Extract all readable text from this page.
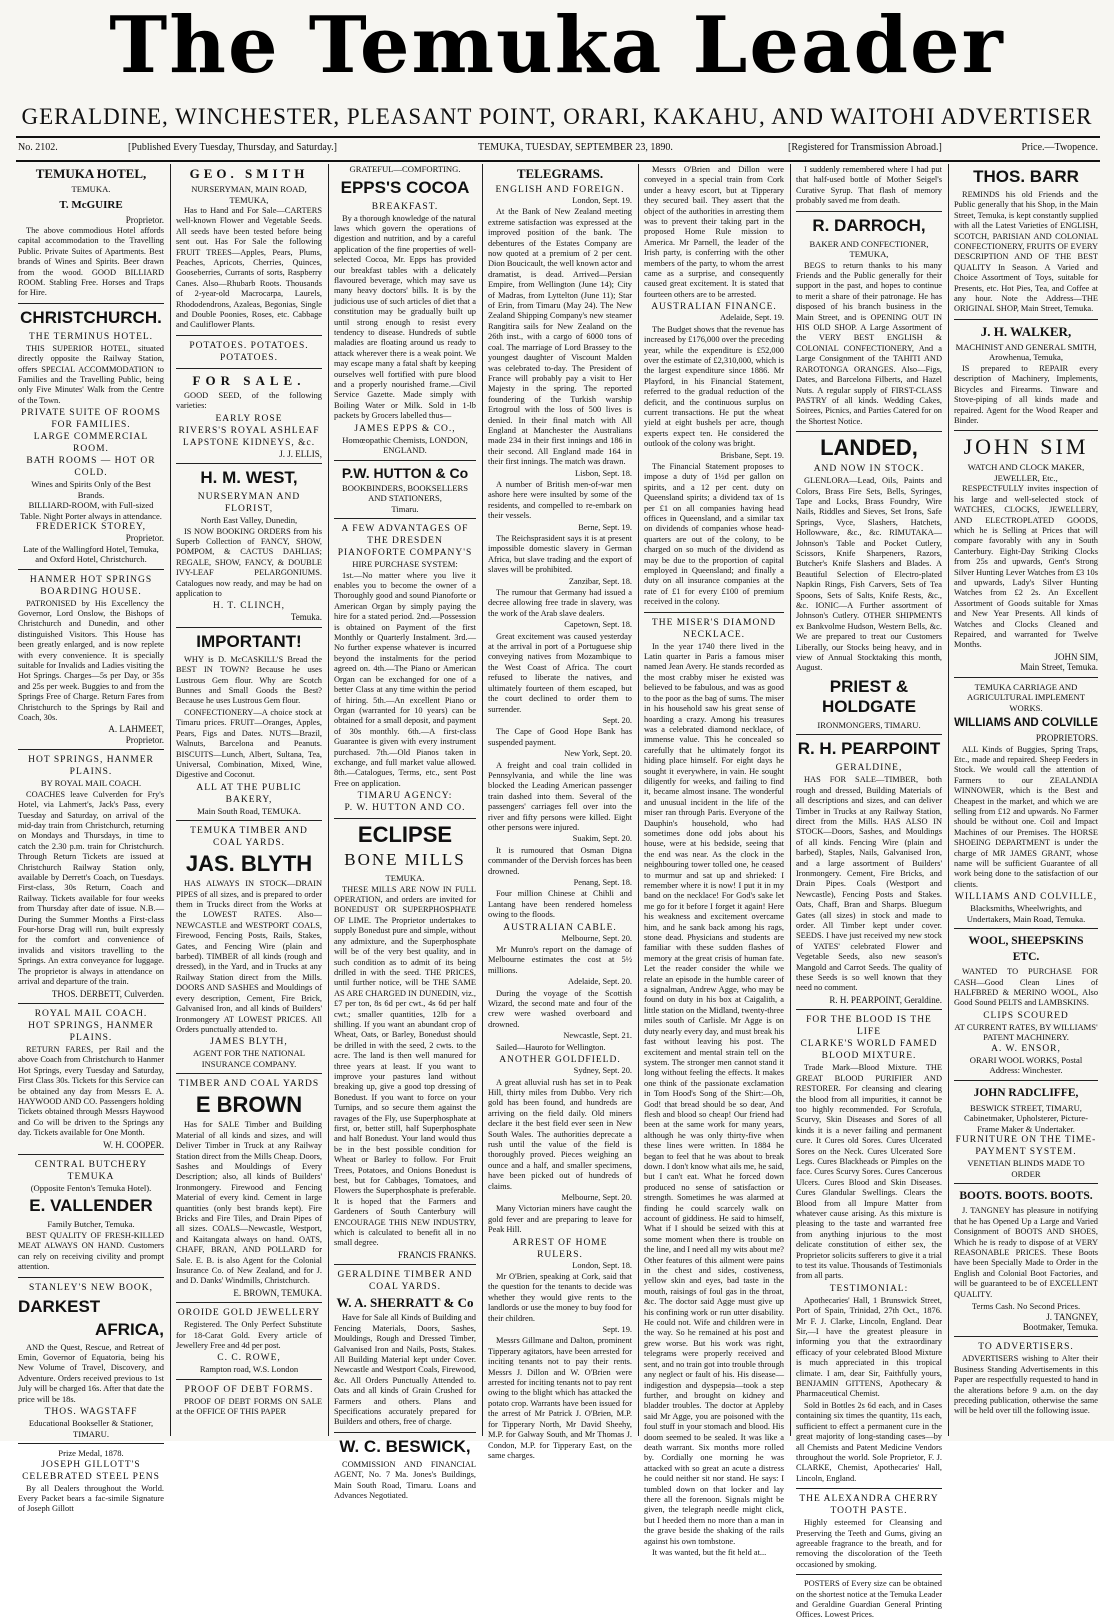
The Temuka Leader
GERALDINE, WINCHESTER, PLEASANT POINT, ORARI, KAKAHU, AND WAITOHI ADVERTISER
No. 2102.	[Published Every Tuesday, Thursday, and Saturday.]	TEMUKA, TUESDAY, SEPTEMBER 23, 1890.	[Registered for Transmission Abroad.]	Price.—Twopence.
TEMUKA HOTEL,
TEMUKA.
T. McGUIRE
Proprietor.
The above commodious Hotel affords capital accommodation to the Travelling Public. Private Suites of Apartments. Best brands of Wines and Spirits. Beer drawn from the wood. GOOD BILLIARD ROOM. Stabling Free. Horses and Traps for Hire.
CHRISTCHURCH.
THE TERMINUS HOTEL.
THIS SUPERIOR HOTEL, situated directly opposite the Railway Station, offers SPECIAL ACCOMMODATION to Families and the Travelling Public, being only Five Minutes' Walk from the Centre of the Town.
PRIVATE SUITE OF ROOMS FOR FAMILIES.
LARGE COMMERCIAL ROOM.
BATH ROOMS — HOT OR COLD.
Wines and Spirits Only of the Best Brands.
BILLIARD-ROOM, with Full-sized Table. Night Porter always in attendance.
FREDERICK STOREY,
Proprietor.
Late of the Wallingford Hotel, Temuka, and Oxford Hotel, Christchurch.
HANMER HOT SPRINGS BOARDING HOUSE.
PATRONISED by His Excellency the Governor, Lord Onslow, the Bishops of Christchurch and Dunedin, and other distinguished Visitors. This House has been greatly enlarged, and is now replete with every convenience. It is specially suitable for Invalids and Ladies visiting the Hot Springs. Charges—5s per Day, or 35s and 25s per week. Buggies to and from the Springs Free of Charge. Return Fares from Christchurch to the Springs by Rail and Coach, 30s.
A. LAHMEET,
Proprietor.
HOT SPRINGS, HANMER PLAINS.
BY ROYAL MAIL COACH.
COACHES leave Culverden for Fry's Hotel, via Lahmert's, Jack's Pass, every Tuesday and Saturday, on arrival of the mid-day train from Christchurch, returning on Mondays and Thursdays, in time to catch the 2.30 p.m. train for Christchurch. Through Return Tickets are issued at Christchurch Railway Station only, available by Derrett's Coach, on Tuesdays. First-class, 30s Return, Coach and Railway. Tickets available for four weeks from Thursday after date of issue. N.B.—During the Summer Months a First-class Four-horse Drag will run, built expressly for the comfort and convenience of invalids and visitors travelling to the Springs. An extra conveyance for luggage. The proprietor is always in attendance on arrival and departure of the train.
THOS. DERBETT, Culverden.
ROYAL MAIL COACH.
HOT SPRINGS, HANMER PLAINS.
RETURN FARES, per Rail and the above Coach from Christchurch to Hanmer Hot Springs, every Tuesday and Saturday, First Class 30s. Tickets for this Service can be obtained any day from Messrs E. A. HAYWOOD AND CO. Passengers holding Tickets obtained through Messrs Haywood and Co will be driven to the Springs any day. Tickets available for One Month.
W. H. COOPER.
CENTRAL BUTCHERY
TEMUKA
(Opposite Fenton's Temuka Hotel).
E. VALLENDER
Family Butcher, Temuka.
BEST QUALITY OF FRESH-KILLED MEAT ALWAYS ON HAND. Customers can rely on receiving civility and prompt attention.
STANLEY'S NEW BOOK,
DARKEST
AFRICA,
AND the Quest, Rescue, and Retreat of Emin, Governor of Equatoria, being his New Volume of Travel, Discovery, and Adventure. Orders received previous to 1st July will be charged 16s. After that date the price will be 18s.
THOS. WAGSTAFF
Educational Bookseller & Stationer, TIMARU.
Prize Medal, 1878.
JOSEPH GILLOTT'S CELEBRATED STEEL PENS
By all Dealers throughout the World. Every Packet bears a fac-simile Signature of Joseph Gillott
GEO. SMITH
NURSERYMAN, MAIN ROAD, TEMUKA,
Has to Hand and For Sale—CARTERS well-known Flower and Vegetable Seeds. All seeds have been tested before being sent out. Has For Sale the following FRUIT TREES—Apples, Pears, Plums, Peaches, Apricots, Cherries, Quinces, Gooseberries, Currants of sorts, Raspberry Canes. Also—Rhubarb Roots. Thousands of 2-year-old Macrocarpa, Laurels, Rhododendrons, Azaleas, Begonias, Single and Double Poonies, Roses, etc. Cabbage and Cauliflower Plants.
POTATOES. POTATOES. POTATOES.
FOR SALE.
GOOD SEED, of the following varieties:
EARLY ROSE
RIVERS'S ROYAL ASHLEAF
LAPSTONE KIDNEYS, &c.
J. J. ELLIS,
H. M. WEST,
NURSERYMAN AND FLORIST,
North East Valley, Dunedin,
IS NOW BOOKING ORDERS from his Superb Collection of FANCY, SHOW, POMPOM, & CACTUS DAHLIAS; REGALE, SHOW, FANCY, & DOUBLE IVY-LEAF PELARGONIUMS. Catalogues now ready, and may be had on application to
H. T. CLINCH,
Temuka.
IMPORTANT!
WHY is D. McCASKILL'S Bread the BEST IN TOWN? Because he uses Lustrous Gem flour. Why are Scotch Bunnes and Small Goods the Best? Because he uses Lustrous Gem flour.
CONFECTIONERY—A choice stock at Timaru prices. FRUIT—Oranges, Apples, Pears, Figs and Dates. NUTS—Brazil, Walnuts, Barcelona and Peanuts. BISCUITS—Lunch, Albert, Sultana, Tea, Universal, Combination, Mixed, Wine, Digestive and Coconut.
ALL AT THE PUBLIC BAKERY,
Main South Road, TEMUKA.
TEMUKA TIMBER AND COAL YARDS.
JAS. BLYTH
HAS ALWAYS IN STOCK—DRAIN PIPES of all sizes, and is prepared to order them in Trucks direct from the Works at the LOWEST RATES. Also—NEWCASTLE and WESTPORT COALS, Firewood, Fencing Posts, Rails, Stakes, Gates, and Fencing Wire (plain and barbed). TIMBER of all kinds (rough and dressed), in the Yard, and in Trucks at any Railway Station direct from the Mills. DOORS AND SASHES and Mouldings of every description, Cement, Fire Brick, Galvanised Iron, and all kinds of Builders' Ironmongery AT LOWEST PRICES. All Orders punctually attended to.
JAMES BLYTH,
AGENT FOR THE NATIONAL INSURANCE COMPANY.
TIMBER AND COAL YARDS
E BROWN
Has for SALE Timber and Building Material of all kinds and sizes, and will Deliver Timber in Truck at any Railway Station direct from the Mills Cheap. Doors, Sashes and Mouldings of Every Description; also, all kinds of Builders' Ironmongery. Firewood and Fencing Material of every kind. Cement in large quantities (only best brands kept). Fire Bricks and Fire Tiles, and Drain Pipes of all sizes. COALS—Newcastle, Westport, and Kaitangata always on hand. OATS, CHAFF, BRAN, AND POLLARD for Sale. E. B. is also Agent for the Colonial Insurance Co. of New Zealand, and for J. and D. Danks' Windmills, Christchurch.
E. BROWN, TEMUKA.
OROIDE GOLD JEWELLERY
Registered. The Only Perfect Substitute for 18-Carat Gold. Every article of Jewellery Free and 4d per post.
C. C. ROWE,
Rampton road, W.S. London
PROOF OF DEBT FORMS.
PROOF OF DEBT FORMS ON SALE at the OFFICE OF THIS PAPER
GRATEFUL—COMFORTING.
EPPS'S COCOA
BREAKFAST.
By a thorough knowledge of the natural laws which govern the operations of digestion and nutrition, and by a careful application of the fine properties of well-selected Cocoa, Mr. Epps has provided our breakfast tables with a delicately flavoured beverage, which may save us many heavy doctors' bills. It is by the judicious use of such articles of diet that a constitution may be gradually built up until strong enough to resist every tendency to disease. Hundreds of subtle maladies are floating around us ready to attack wherever there is a weak point. We may escape many a fatal shaft by keeping ourselves well fortified with pure blood and a properly nourished frame.—Civil Service Gazette. Made simply with Boiling Water or Milk. Sold in 1-lb packets by Grocers labelled thus—
JAMES EPPS & CO.,
Homœopathic Chemists, LONDON, ENGLAND.
P.W. HUTTON & Co
BOOKBINDERS, BOOKSELLERS AND STATIONERS,
Timaru.
A FEW ADVANTAGES OF THE DRESDEN PIANOFORTE COMPANY'S
HIRE PURCHASE SYSTEM:
1st.—No matter where you live it enables you to become the owner of a Thoroughly good and sound Pianoforte or American Organ by simply paying the hire for a stated period. 2nd.—Possession is obtained on Payment of the first Monthly or Quarterly Instalment. 3rd.—No further expense whatever is incurred beyond the instalments for the period agreed on. 4th.—The Piano or American Organ can be exchanged for one of a better Class at any time within the period of hiring. 5th.—An excellent Piano or Organ (warranted for 10 years) can be obtained for a small deposit, and payment of 30s monthly. 6th.—A first-class Guarantee is given with every instrument purchased. 7th.—Old Pianos taken in exchange, and full market value allowed. 8th.—Catalogues, Terms, etc., sent Post Free on application.
TIMARU AGENCY:
P. W. HUTTON AND CO.
ECLIPSE
BONE MILLS
TEMUKA.
THESE MILLS ARE NOW IN FULL OPERATION, and orders are invited for BONEDUST OR SUPERPHOSPHATE OF LIME. The Proprietor undertakes to supply Bonedust pure and simple, without any admixture, and the Superphosphate will be of the very best quality, and in such condition as to admit of its being drilled in with the seed. THE PRICES, until further notice, will be THE SAME AS ARE CHARGED IN DUNEDIN, viz., £7 per ton, 8s 6d per cwt., 4s 6d per half cwt.; smaller quantities, 12lb for a shilling. If you want an abundant crop of Wheat, Oats, or Barley, Bonedust should be drilled in with the seed, 2 cwts. to the acre. The land is then well manured for three years at least. If you want to improve your pastures land without breaking up, give a good top dressing of Bonedust. If you want to force on your Turnips, and so secure them against the ravages of the Fly, use Superphosphate at first, or, better still, half Superphosphate and half Bonedust. Your land would thus be in the best possible condition for Wheat or Barley to follow. For Fruit Trees, Potatoes, and Onions Bonedust is best, but for Cabbages, Tomatoes, and Flowers the Superphosphate is preferable. It is hoped that the Farmers and Gardeners of South Canterbury will ENCOURAGE THIS NEW INDUSTRY, which is calculated to benefit all in no small degree.
FRANCIS FRANKS.
GERALDINE TIMBER AND COAL YARDS.
W. A. SHERRATT & Co
Have for Sale all Kinds of Building and Fencing Materials, Doors, Sashes, Mouldings, Rough and Dressed Timber, Galvanised Iron and Nails, Posts, Stakes. All Building Material kept under Cover. Newcastle and Westport Coals, Firewood, &c. All Orders Punctually Attended to. Oats and all kinds of Grain Crushed for Farmers and others. Plans and Specifications accurately prepared for Builders and others, free of charge.
W. C. BESWICK,
COMMISSION AND FINANCIAL AGENT, No. 7 Ma. Jones's Buildings, Main South Road, Timaru. Loans and Advances Negotiated.
TELEGRAMS.
ENGLISH AND FOREIGN.
London, Sept. 19.
At the Bank of New Zealand meeting extreme satisfaction was expressed at the improved position of the bank. The debentures of the Estates Company are now quoted at a premium of 2 per cent. Dion Boucicault, the well known actor and dramatist, is dead. Arrived—Persian Empire, from Wellington (June 14); City of Madras, from Lyttelton (June 11); Star of Erin, from Timaru (May 24). The New Zealand Shipping Company's new steamer Rangitira sails for New Zealand on the 26th inst., with a cargo of 6000 tons of coal. The marriage of Lord Brassey to the youngest daughter of Viscount Malden was celebrated to-day. The President of France will probably pay a visit to Her Majesty in the spring. The reported foundering of the Turkish warship Ertogroul with the loss of 500 lives is denied. In their final match with All England at Manchester the Australians made 234 in their first innings and 186 in their second. All England made 164 in their first innings. The match was drawn.
Lisbon, Sept. 18.
A number of British men-of-war men ashore here were insulted by some of the residents, and compelled to re-embark on their vessels.
Berne, Sept. 19.
The Reichsprasident says it is at present impossible domestic slavery in German Africa, but slave trading and the export of slaves will be prohibited.
Zanzibar, Sept. 18.
The rumour that Germany had issued a decree allowing free trade in slavery, was the work of the Arab slave dealers.
Capetown, Sept. 18.
Great excitement was caused yesterday at the arrival in port of a Portuguese ship conveying natives from Mozambique to the West Coast of Africa. The court refused to liberate the natives, and ultimately fourteen of them escaped, but the court declined to order them to surrender.
Sept. 20.
The Cape of Good Hope Bank has suspended payment.
New York, Sept. 20.
A freight and coal train collided in Pennsylvania, and while the line was blocked the Leading American passenger train dashed into them. Several of the passengers' carriages fell over into the river and fifty persons were killed. Eight other persons were injured.
Suakim, Sept. 20.
It is rumoured that Osman Digna commander of the Dervish forces has been drowned.
Penang, Sept. 18.
Four million Chinese at Chihli and Lantang have been rendered homeless owing to the floods.
AUSTRALIAN CABLE.
Melbourne, Sept. 20.
Mr Munro's report on the damage of Melbourne estimates the cost at 5½ millions.
Adelaide, Sept. 20.
During the voyage of the Scottish Wizard, the second mate and four of the crew were washed overboard and drowned.
Newcastle, Sept. 21.
Sailed—Hauroto for Wellington.
ANOTHER GOLDFIELD.
Sydney, Sept. 20.
A great alluvial rush has set in to Peak Hill, thirty miles from Dubbo. Very rich gold has been found, and hundreds are arriving on the field daily. Old miners declare it the best field ever seen in New South Wales. The authorities deprecate a rush until the value of the field is thoroughly proved. Pieces weighing an ounce and a half, and smaller specimens, have been picked out of hundreds of claims.
Melbourne, Sept. 20.
Many Victorian miners have caught the gold fever and are preparing to leave for Peak Hill.
ARREST OF HOME RULERS.
London, Sept. 18.
Mr O'Brien, speaking at Cork, said that the question for the tenants to decide was whether they would give rents to the landlords or use the money to buy food for their children.
Sept. 19.
Messrs Gillmane and Dalton, prominent Tipperary agitators, have been arrested for inciting tenants not to pay their rents. Messrs J. Dillon and W. O'Brien were arrested for inciting tenants not to pay rent owing to the blight which has attacked the potato crop. Warrants have been issued for the arrest of Mr Patrick J. O'Brien, M.P. for Tipperary North, Mr David Sheehy, M.P. for Galway South, and Mr Thomas J. Condon, M.P. for Tipperary East, on the same charges.
Messrs O'Brien and Dillon were conveyed in a special train from Cork under a heavy escort, but at Tipperary they secured bail. They assert that the object of the authorities in arresting them was to prevent their taking part in the proposed Home Rule mission to America. Mr Parnell, the leader of the Irish party, is conferring with the other members of the party, to whom the arrest came as a surprise, and consequently caused great excitement. It is stated that fourteen others are to be arrested.
AUSTRALIAN FINANCE.
Adelaide, Sept. 19.
The Budget shows that the revenue has increased by £176,000 over the preceding year, while the expenditure is £52,000 over the estimate of £2,310,000, which is the largest expenditure since 1886. Mr Playford, in his Financial Statement, referred to the gradual reduction of the deficit, and the continuous surplus on current transactions. He put the wheat yield at eight bushels per acre, though experts expect ten. He considered the outlook of the colony was bright.
Brisbane, Sept. 19.
The Financial Statement proposes to impose a duty of 1½d per gallon on spirits, and a 12 per cent. duty on Queensland spirits; a dividend tax of 1s per £1 on all companies having head offices in Queensland, and a similar tax on dividends of companies whose head-quarters are out of the colony, to be charged on so much of the dividend as may be due to the proportion of capital employed in Queensland; and finally a duty on all insurance companies at the rate of £1 for every £100 of premium received in the colony.
THE MISER'S DIAMOND NECKLACE.
In the year 1740 there lived in the Latin quarter in Paris a famous miser named Jean Avery. He stands recorded as the most crabby miser he existed was believed to be fabulous, and was as good to the poor as the bag of sums. The miser in his household saw his great sense of hoarding a crazy. Among his treasures was a celebrated diamond necklace, of immense value. This he concealed so carefully that he ultimately forgot its hiding place himself. For eight days he sought it everywhere, in vain. He sought diligently for weeks, and failing to find it, became almost insane. The wonderful and unusual incident in the life of the miser ran through Paris. Everyone of the Dauphin's household, who had sometimes done odd jobs about his house, were at his bedside, seeing that the end was near. As the clock in the neighbouring tower tolled one, he ceased to murmur and sat up and shrieked: I remember where it is now! I put it in my band on the necklace! For God's sake let me go for it before I forget it again! Here his weakness and excitement overcame him, and he sank back among his rags, stone dead. Physicians and students are familiar with these sudden flashes of memory at the great crisis of human fate. Let the reader consider the while we relate an episode in the humble career of a signalman, Andrew Agge, who may be found on duty in his box at Caigalith, a little station on the Midland, twenty-three miles south of Carlisle. Mr Agge is on duty nearly every day, and must break his fast without leaving his post. The excitement and mental strain tell on the system. The stronger men cannot stand it long without feeling the effects. It makes one think of the passionate exclamation in Tom Hood's Song of the Shirt:—Oh, God! that bread should be so dear, And flesh and blood so cheap! Our friend had been at the same work for many years, although he was only thirty-five when these lines were written. In 1884 he began to feel that he was about to break down. I don't know what ails me, he said, but I can't eat. What he forced down produced no sense of satisfaction or strength. Sometimes he was alarmed at finding he could scarcely walk on account of giddiness. He said to himself, What if I should be seized with this at some moment when there is trouble on the line, and I need all my wits about me? Other features of this ailment were pains in the chest and sides, costiveness, yellow skin and eyes, bad taste in the mouth, raisings of foul gas in the throat, &c. The doctor said Agge must give up his confining work or run utter disability. He could not. Wife and children were in the way. So he remained at his post and grew worse. But his work was right, telegrams were properly received and sent, and no train got into trouble through any neglect or fault of his. His disease—indigestion and dyspepsia—took a step further, and brought on kidney and bladder troubles. The doctor at Appleby said Mr Agge, you are poisoned with the foul stuff in your stomach and blood. His doom seemed to be sealed. It was like a death warrant. Six months more rolled by. Cordially one morning he was attacked with so great an acute a distress he could neither sit nor stand. He says: I tumbled down on that locker and lay there all the forenoon. Signals might be given, the telegraph needle might click, but I heeded them no more than a man in the grave beside the shaking of the rails against his own tombstone.
It was wanted, but the fit held at...
I suddenly remembered where I had put that half-used bottle of Mother Seigel's Curative Syrup. That flash of memory probably saved me from death.
R. DARROCH,
BAKER AND CONFECTIONER, TEMUKA,
BEGS to return thanks to his many Friends and the Public generally for their support in the past, and hopes to continue to merit a share of their patronage. He has disposed of his branch business in the Main Street, and is OPENING OUT IN HIS OLD SHOP. A Large Assortment of the VERY BEST ENGLISH & COLONIAL CONFECTIONERY, And a Large Consignment of the TAHITI AND RAROTONGA ORANGES. Also—Figs, Dates, and Barcelona Filberts, and Hazel Nuts. A regular supply of FIRST-CLASS PASTRY of all kinds. Wedding Cakes, Soirees, Picnics, and Parties Catered for on the Shortest Notice.
LANDED,
AND NOW IN STOCK.
GLENLORA—Lead, Oils, Paints and Colors, Brass Fire Sets, Bells, Syringes, Tape and Locks, Brass Foundry, Wire Nails, Riddles and Sieves, Set Irons, Safe Springs, Vyce, Slashers, Hatchets, Hollowware, &c., &c. RIMUTAKA—Johnson's Table and Pocket Cutlery, Scissors, Knife Sharpeners, Razors, Butcher's Knife Slashers and Blades. A Beautiful Selection of Electro-plated Napkin Rings, Fish Carvers, Sets of Tea Spoons, Sets of Salts, Knife Rests, &c., &c. IONIC—A Further assortment of Johnson's Cutlery. OTHER SHIPMENTS ex Bankvolme Hudson, Western Bells, &c. We are prepared to treat our Customers Liberally, our Stocks being heavy, and in view of Annual Stocktaking this month, August.
PRIEST & HOLDGATE
IRONMONGERS, TIMARU.
R. H. PEARPOINT
GERALDINE,
HAS FOR SALE—TIMBER, both rough and dressed, Building Materials of all descriptions and sizes, and can deliver Timber in Trucks at any Railway Station, direct from the Mills. HAS ALSO IN STOCK—Doors, Sashes, and Mouldings of all kinds. Fencing Wire (plain and barbed), Staples, Nails, Galvanised Iron, and a large assortment of Builders' Ironmongery. Cement, Fire Bricks, and Drain Pipes. Coals (Westport and Newcastle), Fencing Posts and Stakes. Oats, Chaff, Bran and Sharps. Bluegum Gates (all sizes) in stock and made to order. All Timber kept under cover. SEEDS. I have just received my new stock of YATES' celebrated Flower and Vegetable Seeds, also new season's Mangold and Carrot Seeds. The quality of these Seeds is so well known that they need no comment.
R. H. PEARPOINT, Geraldine.
FOR THE BLOOD IS THE LIFE
CLARKE'S WORLD FAMED BLOOD MIXTURE.
Trade Mark—Blood Mixture. THE GREAT BLOOD PURIFIER AND RESTORER. For cleansing and clearing the blood from all impurities, it cannot be too highly recommended. For Scrofula, Scurvy, Skin Diseases and Sores of all kinds it is a never failing and permanent cure. It Cures old Sores. Cures Ulcerated Sores on the Neck. Cures Ulcerated Sore Legs. Cures Blackheads or Pimples on the face. Cures Scurvy Sores. Cures Cancerous Ulcers. Cures Blood and Skin Diseases. Cures Glandular Swellings. Clears the Blood from all Impure Matter from whatever cause arising. As this mixture is pleasing to the taste and warranted free from anything injurious to the most delicate constitution of either sex, the Proprietor solicits sufferers to give it a trial to test its value. Thousands of Testimonials from all parts.
TESTIMONIAL:
Apothecaries' Hall, 1 Brunswick Street, Port of Spain, Trinidad, 27th Oct., 1876. Mr F. J. Clarke, Lincoln, England. Dear Sir,—I have the greatest pleasure in informing you that the extraordinary efficacy of your celebrated Blood Mixture is much appreciated in this tropical climate. I am, dear Sir, Faithfully yours, BENJAMIN GITTENS, Apothecary & Pharmaceutical Chemist.
Sold in Bottles 2s 6d each, and in Cases containing six times the quantity, 11s each, sufficient to effect a permanent cure in the great majority of long-standing cases—by all Chemists and Patent Medicine Vendors throughout the world. Sole Proprietor, F. J. CLARKE, Chemist, Apothecaries' Hall, Lincoln, England.
THE ALEXANDRA CHERRY TOOTH PASTE.
Highly esteemed for Cleansing and Preserving the Teeth and Gums, giving an agreeable fragrance to the breath, and for removing the discoloration of the Teeth occasioned by smoking.
POSTERS of Every size can be obtained on the shortest notice at the Temuka Leader and Geraldine Guardian General Printing Offices. Lowest Prices.
THOS. BARR
REMINDS his old Friends and the Public generally that his Shop, in the Main Street, Temuka, is kept constantly supplied with all the Latest Varieties of ENGLISH, SCOTCH, PARISIAN AND COLONIAL CONFECTIONERY, FRUITS OF EVERY DESCRIPTION AND OF THE BEST QUALITY In Season. A Varied and Choice Assortment of Toys, suitable for Presents, etc. Hot Pies, Tea, and Coffee at any hour. Note the Address—THE ORIGINAL SHOP, Main Street, Temuka.
J. H. WALKER,
MACHINIST AND GENERAL SMITH, Arowhenua, Temuka,
IS prepared to REPAIR every description of Machinery, Implements, Bicycles and Firearms. Tinware and Stove-piping of all kinds made and repaired. Agent for the Wood Reaper and Binder.
JOHN SIM
WATCH AND CLOCK MAKER, JEWELLER, Etc.,
RESPECTFULLY invites inspection of his large and well-selected stock of WATCHES, CLOCKS, JEWELLERY, AND ELECTROPLATED GOODS, which he is Selling at Prices that will compare favorably with any in South Canterbury. Eight-Day Striking Clocks from 25s and upwards, Gent's Strong Silver Hunting Lever Watches from £3 10s and upwards, Lady's Silver Hunting Watches from £2 2s. An Excellent Assortment of Goods suitable for Xmas and New Year Presents. All kinds of Watches and Clocks Cleaned and Repaired, and warranted for Twelve Months.
JOHN SIM,
Main Street, Temuka.
TEMUKA CARRIAGE AND AGRICULTURAL IMPLEMENT WORKS.
WILLIAMS AND COLVILLE
PROPRIETORS.
ALL Kinds of Buggies, Spring Traps, Etc., made and repaired. Sheep Feeders in Stock. We would call the attention of Farmers to our ZEALANDIA WINNOWER, which is the Best and Cheapest in the market, and which we are selling from £12 and upwards. No Farmer should be without one. Coil and Impact Machines of our Premises. The HORSE SHOEING DEPARTMENT is under the charge of MR JAMES GRANT, whose name will be sufficient Guarantee of all work being done to the satisfaction of our clients.
WILLIAMS AND COLVILLE,
Blacksmiths, Wheelwrights, and Undertakers, Main Road, Temuka.
WOOL, SHEEPSKINS ETC.
WANTED TO PURCHASE FOR CASH—Good Clean Lines of HALFBRED & MERINO WOOL, Also Good Sound PELTS and LAMBSKINS.
CLIPS SCOURED
AT CURRENT RATES, BY WILLIAMS' PATENT MACHINERY.
A. W. ENSOR,
ORARI WOOL WORKS, Postal Address: Winchester.
JOHN RADCLIFFE,
BESWICK STREET, TIMARU,
Cabinetmaker, Upholsterer, Picture-Frame Maker & Undertaker.
FURNITURE ON THE TIME-PAYMENT SYSTEM.
VENETIAN BLINDS MADE TO ORDER
BOOTS. BOOTS. BOOTS.
J. TANGNEY has pleasure in notifying that he has Opened Up a Large and Varied Consignment of BOOTS AND SHOES, Which he is ready to dispose of at VERY REASONABLE PRICES. These Boots have been Specially Made to Order in the English and Colonial Boot Factories, and will be guaranteed to be of EXCELLENT QUALITY.
Terms Cash. No Second Prices.
J. TANGNEY,
Bootmaker, Temuka.
TO ADVERTISERS.
ADVERTISERS wishing to Alter their Business Standing Advertisements in this Paper are respectfully requested to hand in the alterations before 9 a.m. on the day preceding publication, otherwise the same will be held over till the following issue.
